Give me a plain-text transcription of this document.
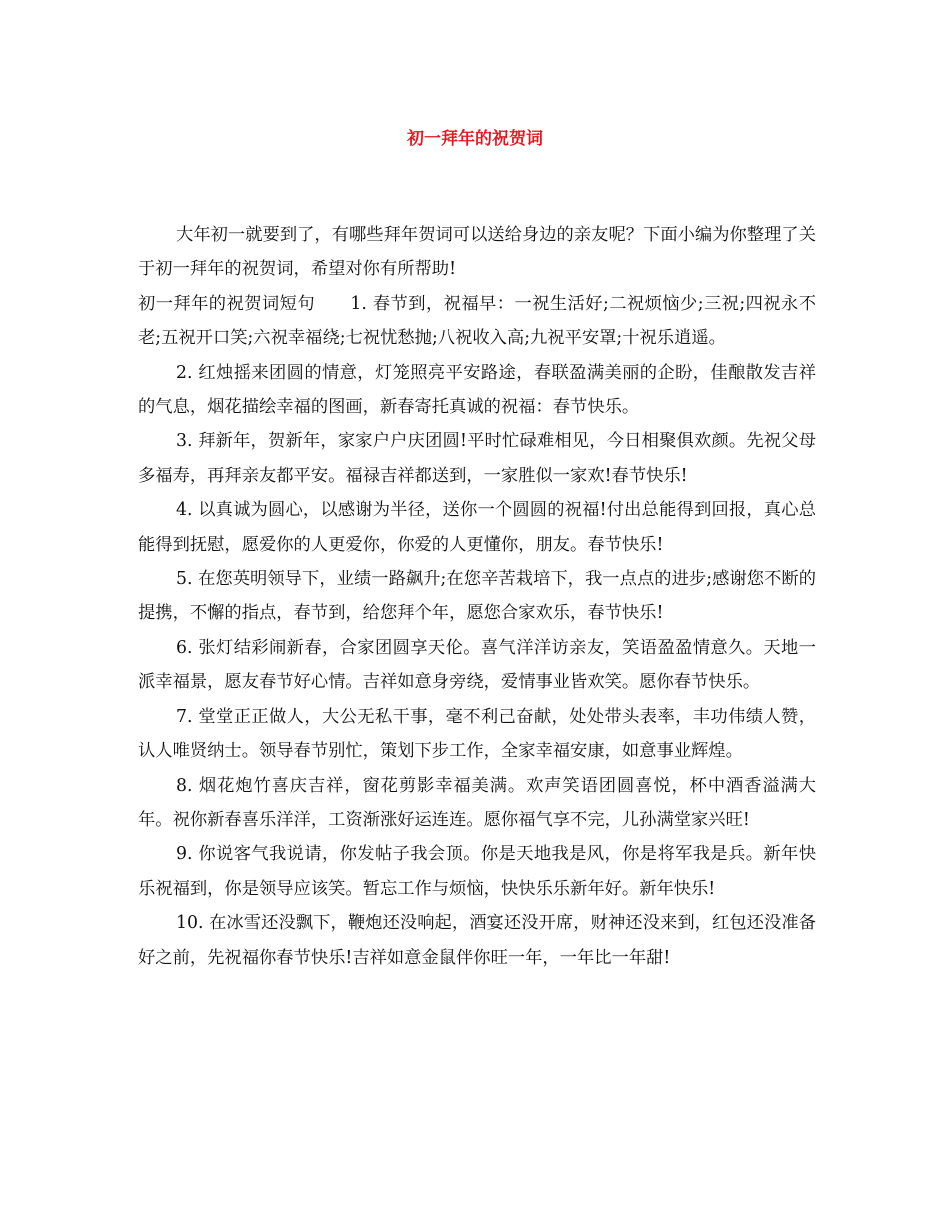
初一拜年的祝贺词

大年初一就要到了，有哪些拜年贺词可以送给身边的亲友呢？下面小编为你整理了关于初一拜年的祝贺词，希望对你有所帮助!

初一拜年的祝贺词短句　　1. 春节到，祝福早：一祝生活好;二祝烦恼少;三祝;四祝永不老;五祝开口笑;六祝幸福绕;七祝忧愁抛;八祝收入高;九祝平安罩;十祝乐逍遥。

2. 红烛摇来团圆的情意，灯笼照亮平安路途，春联盈满美丽的企盼，佳酿散发吉祥的气息，烟花描绘幸福的图画，新春寄托真诚的祝福：春节快乐。

3. 拜新年，贺新年，家家户户庆团圆!平时忙碌难相见，今日相聚俱欢颜。先祝父母多福寿，再拜亲友都平安。福禄吉祥都送到，一家胜似一家欢!春节快乐!

4. 以真诚为圆心，以感谢为半径，送你一个圆圆的祝福!付出总能得到回报，真心总能得到抚慰，愿爱你的人更爱你，你爱的人更懂你，朋友。春节快乐!

5. 在您英明领导下，业绩一路飙升;在您辛苦栽培下，我一点点的进步;感谢您不断的提携，不懈的指点，春节到，给您拜个年，愿您合家欢乐，春节快乐!

6. 张灯结彩闹新春，合家团圆享天伦。喜气洋洋访亲友，笑语盈盈情意久。天地一派幸福景，愿友春节好心情。吉祥如意身旁绕，爱情事业皆欢笑。愿你春节快乐。

7. 堂堂正正做人，大公无私干事，毫不利己奋献，处处带头表率，丰功伟绩人赞，认人唯贤纳士。领导春节别忙，策划下步工作，全家幸福安康，如意事业辉煌。

8. 烟花炮竹喜庆吉祥，窗花剪影幸福美满。欢声笑语团圆喜悦，杯中酒香溢满大年。祝你新春喜乐洋洋，工资渐涨好运连连。愿你福气享不完，儿孙满堂家兴旺!

9. 你说客气我说请，你发帖子我会顶。你是天地我是风，你是将军我是兵。新年快乐祝福到，你是领导应该笑。暂忘工作与烦恼，快快乐乐新年好。新年快乐!

10. 在冰雪还没飘下，鞭炮还没响起，酒宴还没开席，财神还没来到，红包还没准备好之前，先祝福你春节快乐!吉祥如意金鼠伴你旺一年，一年比一年甜!
